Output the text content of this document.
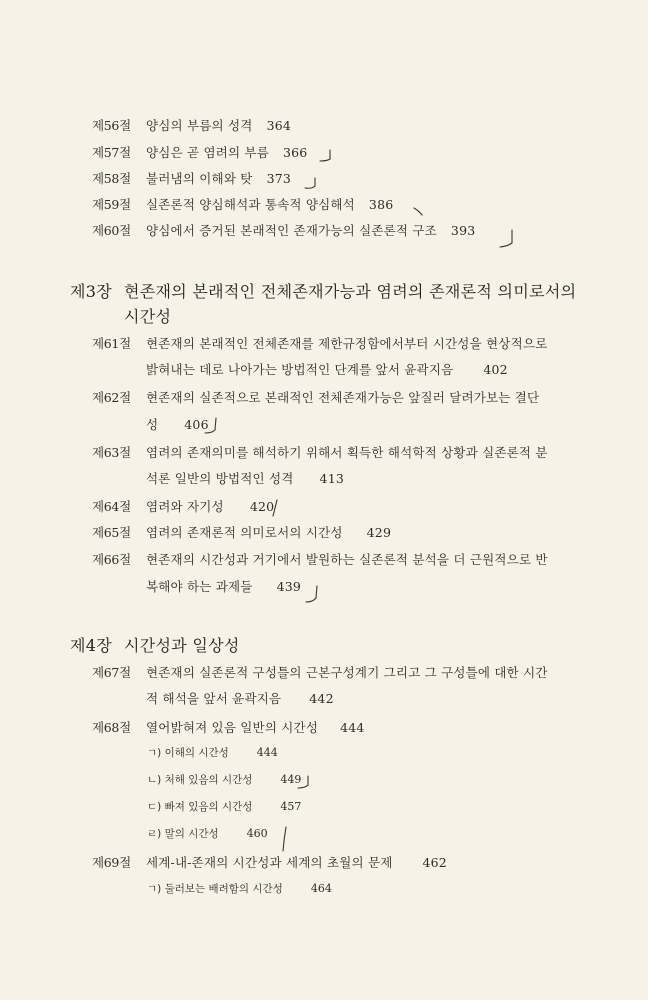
제56절 양심의 부름의 성격 364
제57절 양심은 곧 염려의 부름 366
제58절 불러냄의 이해와 탓 373
제59절 실존론적 양심해석과 통속적 양심해석 386
제60절 양심에서 증거된 본래적인 존재가능의 실존론적 구조 393
제3장 현존재의 본래적인 전체존재가능과 염려의 존재론적 의미로서의
시간성
제61절 현존재의 본래적인 전체존재를 제한규정함에서부터 시간성을 현상적으로
밝혀내는 데로 나아가는 방법적인 단계를 앞서 윤곽지음 402
제62절 현존재의 실존적으로 본래적인 전체존재가능은 앞질러 달려가보는 결단
성 406
제63절 염려의 존재의미를 해석하기 위해서 획득한 해석학적 상황과 실존론적 분
석론 일반의 방법적인 성격 413
제64절 염려와 자기성 420
제65절 염려의 존재론적 의미로서의 시간성 429
제66절 현존재의 시간성과 거기에서 발원하는 실존론적 분석을 더 근원적으로 반
복해야 하는 과제들 439
제4장 시간성과 일상성
제67절 현존재의 실존론적 구성틀의 근본구성계기 그리고 그 구성틀에 대한 시간
적 해석을 앞서 윤곽지음 442
제68절 열어밝혀져 있음 일반의 시간성 444
ㄱ) 이해의 시간성	444
ㄴ) 처해 있음의 시간성	449
ㄷ) 빠져 있음의 시간성	457
ㄹ) 말의 시간성	460
제69절 세계-내-존재의 시간성과 세계의 초월의 문제 462
ㄱ) 둘러보는 배려함의 시간성	464
